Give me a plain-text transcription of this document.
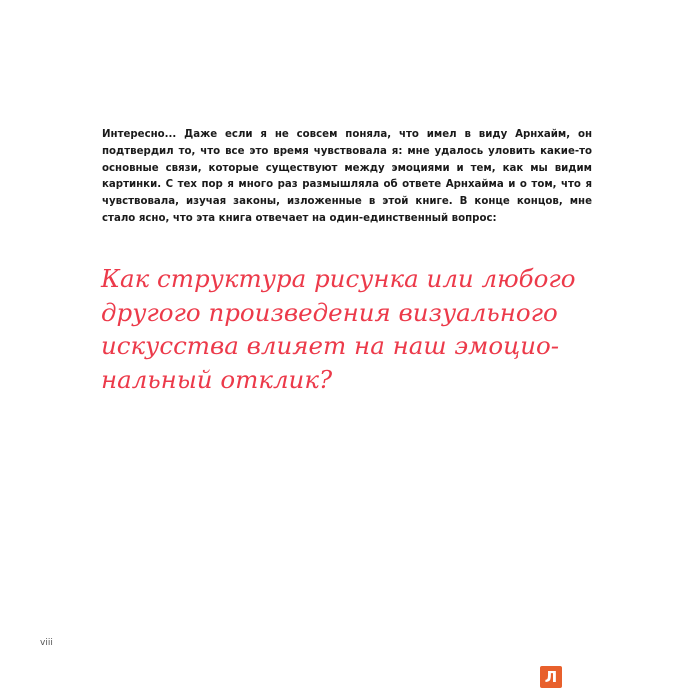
Интересно... Даже если я не совсем поняла, что имел в виду Арнхайм, он подтвердил то, что все это время чувствовала я: мне удалось уловить какие-то основные связи, которые существуют между эмоциями и тем, как мы видим картинки. С тех пор я много раз размышляла об ответе Арнхайма и о том, что я чувствовала, изучая законы, изложенные в этой книге. В конце концов, мне стало ясно, что эта книга отвечает на один-единственный вопрос:

Как структура рисунка или любого
другого произведения визуального
искусства влияет на наш эмоцио-
нальный отклик?

viii
Л
